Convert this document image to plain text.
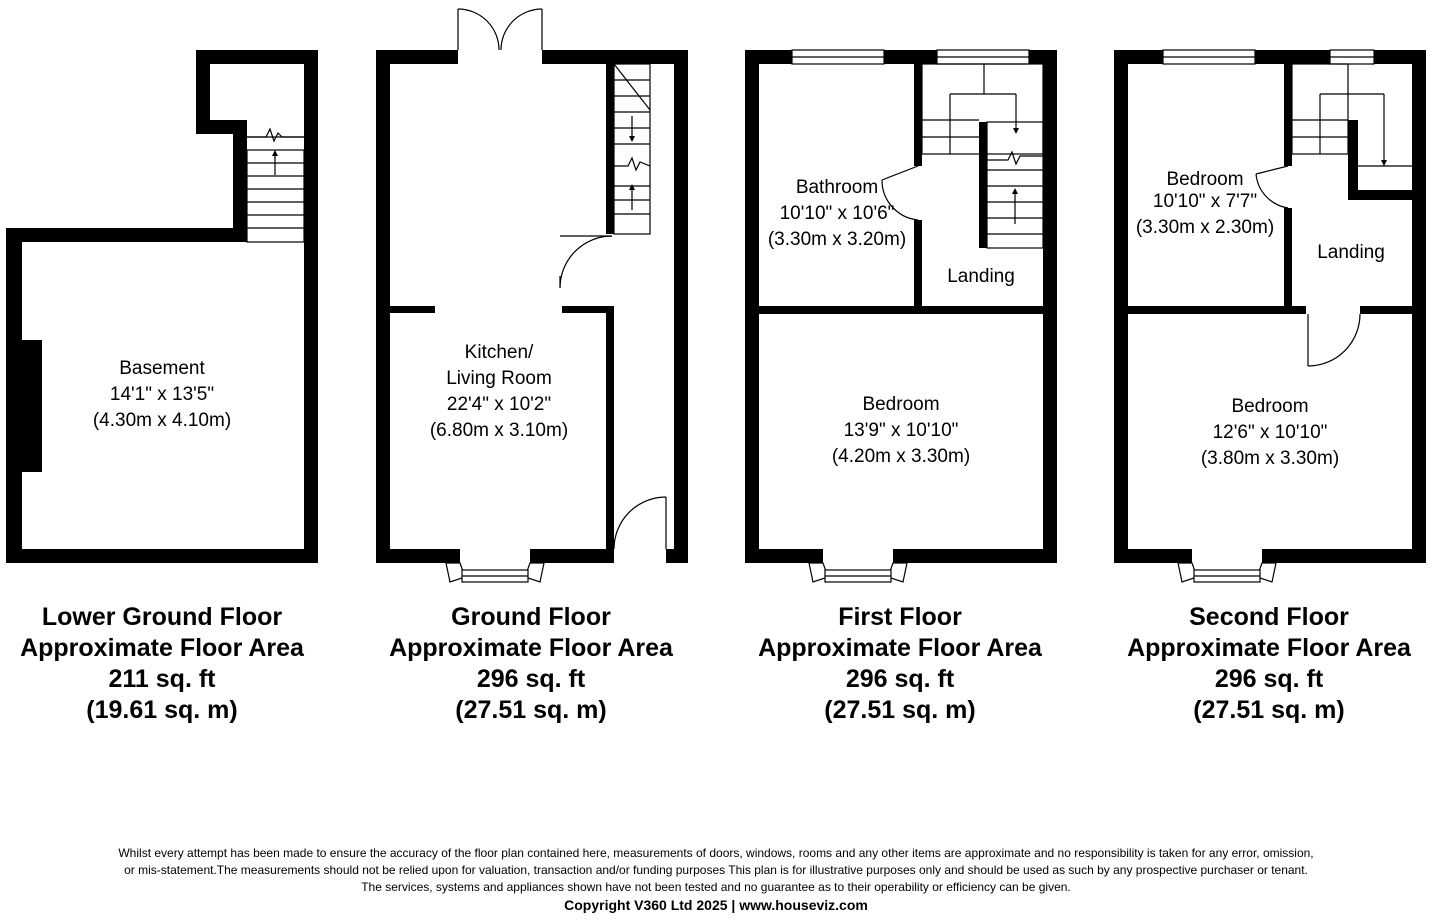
Basement
14'1" x 13'5"
(4.30m x 4.10m)
Kitchen/
Living Room
22'4" x 10'2"
(6.80m x 3.10m)
Bathroom
10'10" x 10'6"
(3.30m x 3.20m)
Landing
Bedroom
13'9" x 10'10"
(4.20m x 3.30m)
Bedroom
10'10" x 7'7"
(3.30m x 2.30m)
Landing
Bedroom
12'6" x 10'10"
(3.80m x 3.30m)
Lower Ground Floor
Approximate Floor Area
211 sq. ft
(19.61 sq. m)
Ground Floor
Approximate Floor Area
296 sq. ft
(27.51 sq. m)
First Floor
Approximate Floor Area
296 sq. ft
(27.51 sq. m)
Second Floor
Approximate Floor Area
296 sq. ft
(27.51 sq. m)
Whilst every attempt has been made to ensure the accuracy of the floor plan contained here, measurements of doors, windows, rooms and any other items are approximate and no responsibility is taken for any error, omission,
or mis-statement.The measurements should not be relied upon for valuation, transaction and/or funding purposes This plan is for illustrative purposes only and should be used as such by any prospective purchaser or tenant.
The services, systems and appliances shown have not been tested and no guarantee as to their operability or efficiency can be given.
Copyright V360 Ltd 2025 | www.houseviz.com
